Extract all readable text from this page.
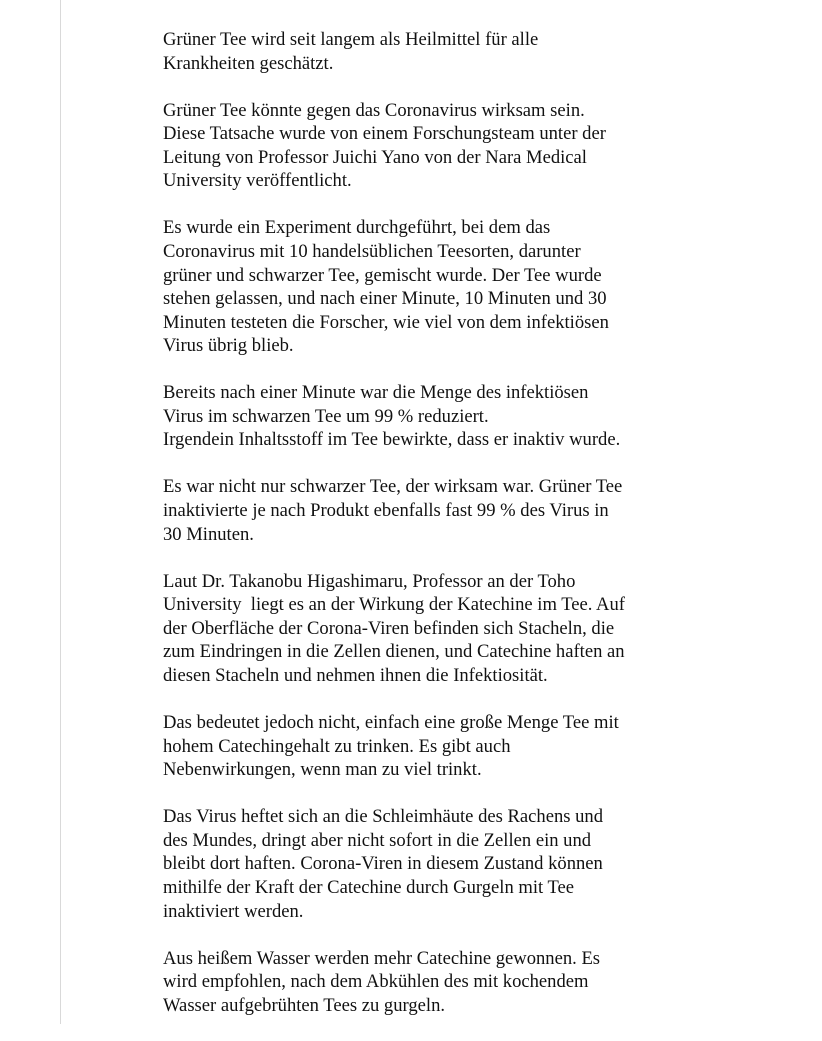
Grüner Tee wird seit langem als Heilmittel für alle
Krankheiten geschätzt.

Grüner Tee könnte gegen das Coronavirus wirksam sein.
Diese Tatsache wurde von einem Forschungsteam unter der
Leitung von Professor Juichi Yano von der Nara Medical
University veröffentlicht.

Es wurde ein Experiment durchgeführt, bei dem das
Coronavirus mit 10 handelsüblichen Teesorten, darunter
grüner und schwarzer Tee, gemischt wurde. Der Tee wurde
stehen gelassen, und nach einer Minute, 10 Minuten und 30
Minuten testeten die Forscher, wie viel von dem infektiösen
Virus übrig blieb.

Bereits nach einer Minute war die Menge des infektiösen
Virus im schwarzen Tee um 99 % reduziert.
Irgendein Inhaltsstoff im Tee bewirkte, dass er inaktiv wurde.

Es war nicht nur schwarzer Tee, der wirksam war. Grüner Tee
inaktivierte je nach Produkt ebenfalls fast 99 % des Virus in
30 Minuten.

Laut Dr. Takanobu Higashimaru, Professor an der Toho
University  liegt es an der Wirkung der Katechine im Tee. Auf
der Oberfläche der Corona-Viren befinden sich Stacheln, die
zum Eindringen in die Zellen dienen, und Catechine haften an
diesen Stacheln und nehmen ihnen die Infektiosität.

Das bedeutet jedoch nicht, einfach eine große Menge Tee mit
hohem Catechingehalt zu trinken. Es gibt auch
Nebenwirkungen, wenn man zu viel trinkt.

Das Virus heftet sich an die Schleimhäute des Rachens und
des Mundes, dringt aber nicht sofort in die Zellen ein und
bleibt dort haften. Corona-Viren in diesem Zustand können
mithilfe der Kraft der Catechine durch Gurgeln mit Tee
inaktiviert werden.

Aus heißem Wasser werden mehr Catechine gewonnen. Es
wird empfohlen, nach dem Abkühlen des mit kochendem
Wasser aufgebrühten Tees zu gurgeln.
